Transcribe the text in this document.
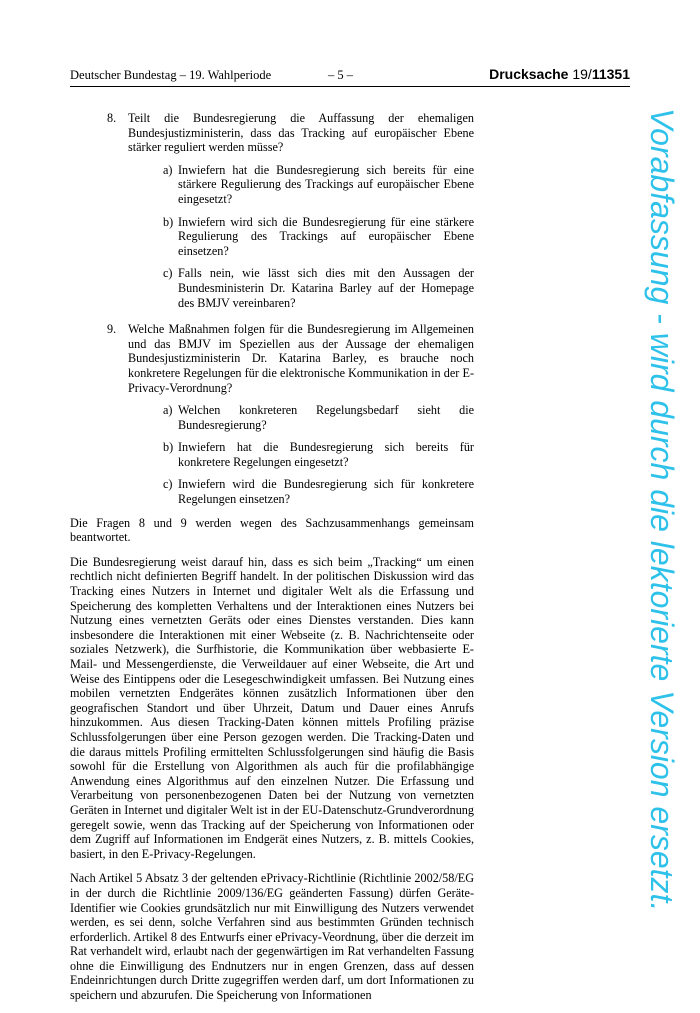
Deutscher Bundestag – 19. Wahlperiode	– 5 –	Drucksache 19/11351
8. Teilt die Bundesregierung die Auffassung der ehemaligen Bundesjustizministerin, dass das Tracking auf europäischer Ebene stärker reguliert werden müsse?

a) Inwiefern hat die Bundesregierung sich bereits für eine stärkere Regulierung des Trackings auf europäischer Ebene eingesetzt?

b) Inwiefern wird sich die Bundesregierung für eine stärkere Regulierung des Trackings auf europäischer Ebene einsetzen?

c) Falls nein, wie lässt sich dies mit den Aussagen der Bundesministerin Dr. Katarina Barley auf der Homepage des BMJV vereinbaren?

9. Welche Maßnahmen folgen für die Bundesregierung im Allgemeinen und das BMJV im Speziellen aus der Aussage der ehemaligen Bundesjustizministerin Dr. Katarina Barley, es brauche noch konkretere Regelungen für die elektronische Kommunikation in der E-Privacy-Verordnung?

a) Welchen konkreteren Regelungsbedarf sieht die Bundesregierung?

b) Inwiefern hat die Bundesregierung sich bereits für konkretere Regelungen eingesetzt?

c) Inwiefern wird die Bundesregierung sich für konkretere Regelungen einsetzen?

Die Fragen 8 und 9 werden wegen des Sachzusammenhangs gemeinsam beantwortet.

Die Bundesregierung weist darauf hin, dass es sich beim „Tracking“ um einen rechtlich nicht definierten Begriff handelt. In der politischen Diskussion wird das Tracking eines Nutzers in Internet und digitaler Welt als die Erfassung und Speicherung des kompletten Verhaltens und der Interaktionen eines Nutzers bei Nutzung eines vernetzten Geräts oder eines Dienstes verstanden. Dies kann insbesondere die Interaktionen mit einer Webseite (z. B. Nachrichtenseite oder soziales Netzwerk), die Surfhistorie, die Kommunikation über webbasierte E-Mail- und Messengerdienste, die Verweildauer auf einer Webseite, die Art und Weise des Eintippens oder die Lesegeschwindigkeit umfassen. Bei Nutzung eines mobilen vernetzten Endgerätes können zusätzlich Informationen über den geografischen Standort und über Uhrzeit, Datum und Dauer eines Anrufs hinzukommen. Aus diesen Tracking-Daten können mittels Profiling präzise Schlussfolgerungen über eine Person gezogen werden. Die Tracking-Daten und die daraus mittels Profiling ermittelten Schlussfolgerungen sind häufig die Basis sowohl für die Erstellung von Algorithmen als auch für die profilabhängige Anwendung eines Algorithmus auf den einzelnen Nutzer. Die Erfassung und Verarbeitung von personenbezogenen Daten bei der Nutzung von vernetzten Geräten in Internet und digitaler Welt ist in der EU-Datenschutz-Grundverordnung geregelt sowie, wenn das Tracking auf der Speicherung von Informationen oder dem Zugriff auf Informationen im Endgerät eines Nutzers, z. B. mittels Cookies, basiert, in den E-Privacy-Regelungen.

Nach Artikel 5 Absatz 3 der geltenden ePrivacy-Richtlinie (Richtlinie 2002/58/EG in der durch die Richtlinie 2009/136/EG geänderten Fassung) dürfen Geräte-Identifier wie Cookies grundsätzlich nur mit Einwilligung des Nutzers verwendet werden, es sei denn, solche Verfahren sind aus bestimmten Gründen technisch erforderlich. Artikel 8 des Entwurfs einer ePrivacy-Veordnung, über die derzeit im Rat verhandelt wird, erlaubt nach der gegenwärtigen im Rat verhandelten Fassung ohne die Einwilligung des Endnutzers nur in engen Grenzen, dass auf dessen Endeinrichtungen durch Dritte zugegriffen werden darf, um dort Informationen zu speichern und abzurufen. Die Speicherung von Informationen

Vorabfassung - wird durch die lektorierte Version ersetzt.
